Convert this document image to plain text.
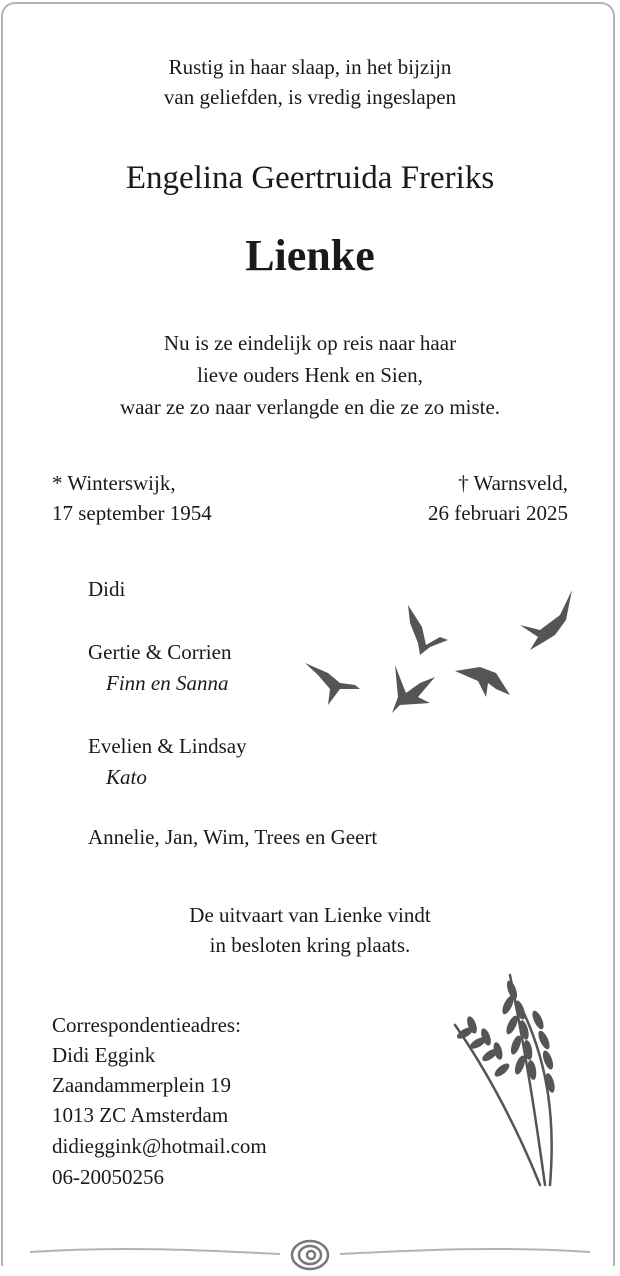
Rustig in haar slaap, in het bijzijn
van geliefden, is vredig ingeslapen
Engelina Geertruida Freriks
Lienke
Nu is ze eindelijk op reis naar haar
lieve ouders Henk en Sien,
waar ze zo naar verlangde en die ze zo miste.
* Winterswijk,
17 september 1954
† Warnsveld,
26 februari 2025
Didi
Gertie & Corrien
Finn en Sanna
Evelien & Lindsay
Kato
Annelie, Jan, Wim, Trees en Geert
De uitvaart van Lienke vindt
in besloten kring plaats.
Correspondentieadres:
Didi Eggink
Zaandammerplein 19
1013 ZC Amsterdam
didieggink@hotmail.com
06-20050256
